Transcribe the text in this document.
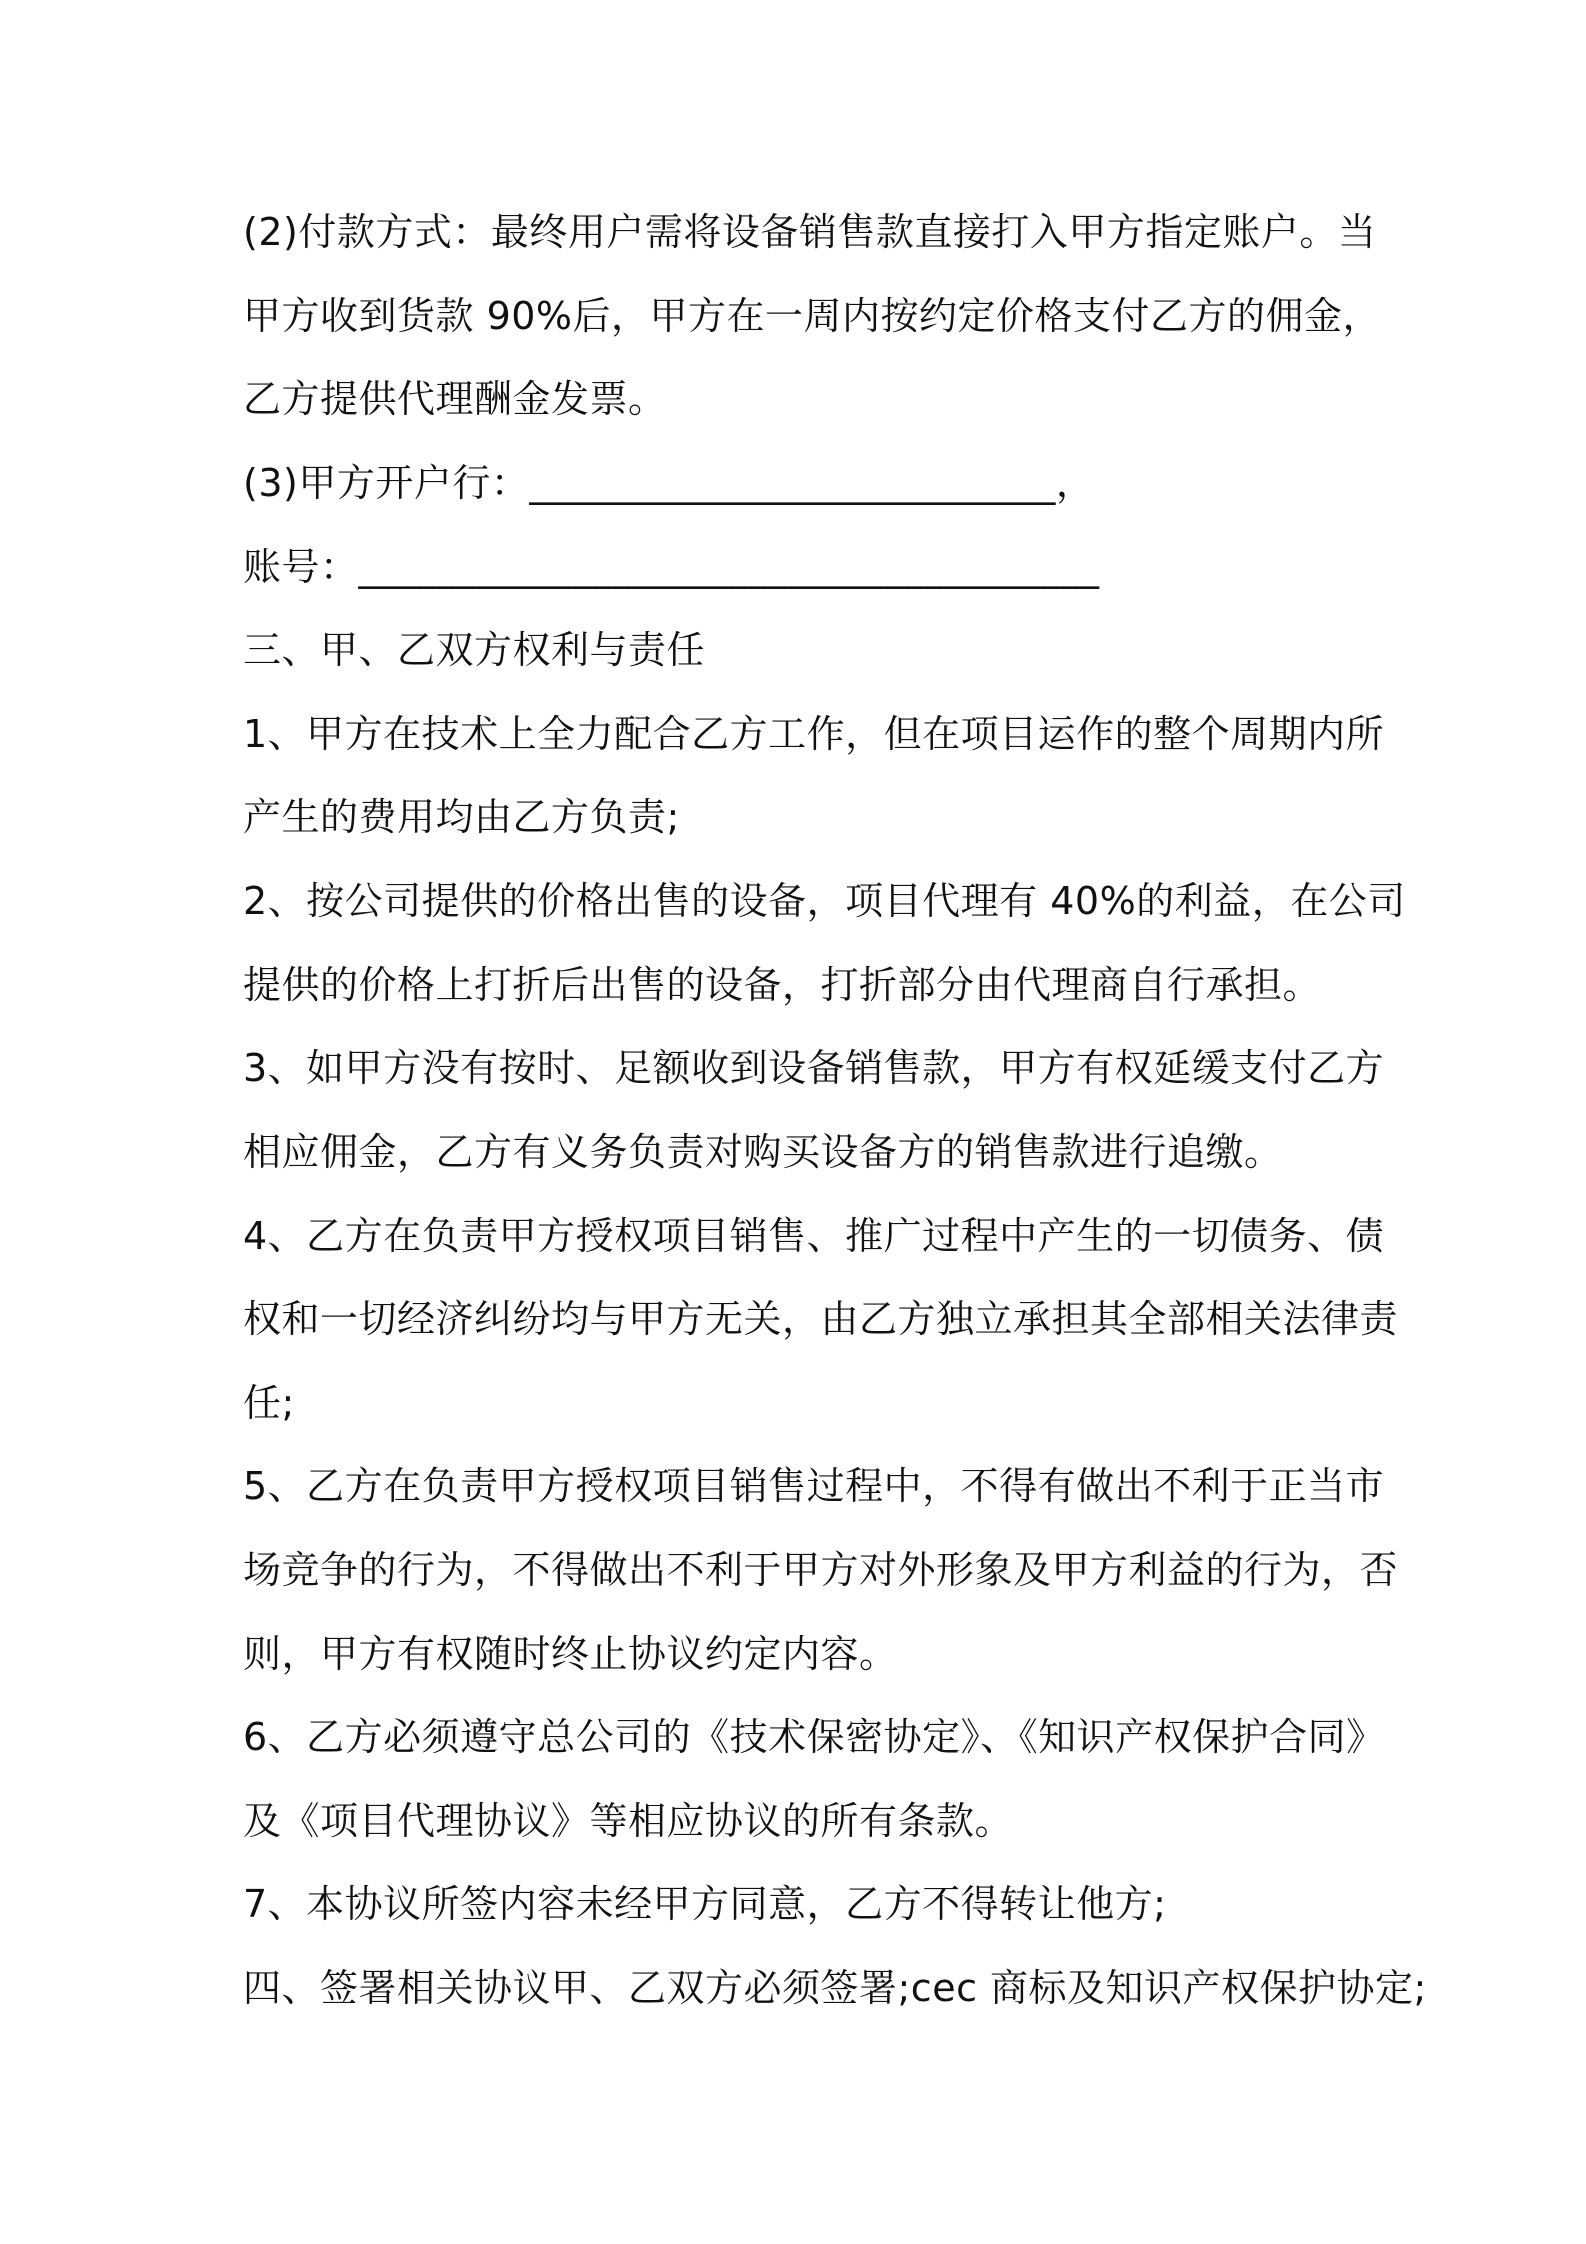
(2)付款方式：最终用户需将设备销售款直接打入甲方指定账户。当
甲方收到货款 90%后，甲方在一周内按约定价格支付乙方的佣金，
乙方提供代理酬金发票。
(3)甲方开户行：___________________________，
账号：______________________________________
三、甲、乙双方权利与责任
1、甲方在技术上全力配合乙方工作，但在项目运作的整个周期内所
产生的费用均由乙方负责;
2、按公司提供的价格出售的设备，项目代理有 40%的利益，在公司
提供的价格上打折后出售的设备，打折部分由代理商自行承担。
3、如甲方没有按时、足额收到设备销售款，甲方有权延缓支付乙方
相应佣金，乙方有义务负责对购买设备方的销售款进行追缴。
4、乙方在负责甲方授权项目销售、推广过程中产生的一切债务、债
权和一切经济纠纷均与甲方无关，由乙方独立承担其全部相关法律责
任;
5、乙方在负责甲方授权项目销售过程中，不得有做出不利于正当市
场竞争的行为，不得做出不利于甲方对外形象及甲方利益的行为，否
则，甲方有权随时终止协议约定内容。
6、乙方必须遵守总公司的《技术保密协定》、《知识产权保护合同》
及《项目代理协议》等相应协议的所有条款。
7、本协议所签内容未经甲方同意，乙方不得转让他方;
四、签署相关协议甲、乙双方必须签署;cec 商标及知识产权保护协定;
